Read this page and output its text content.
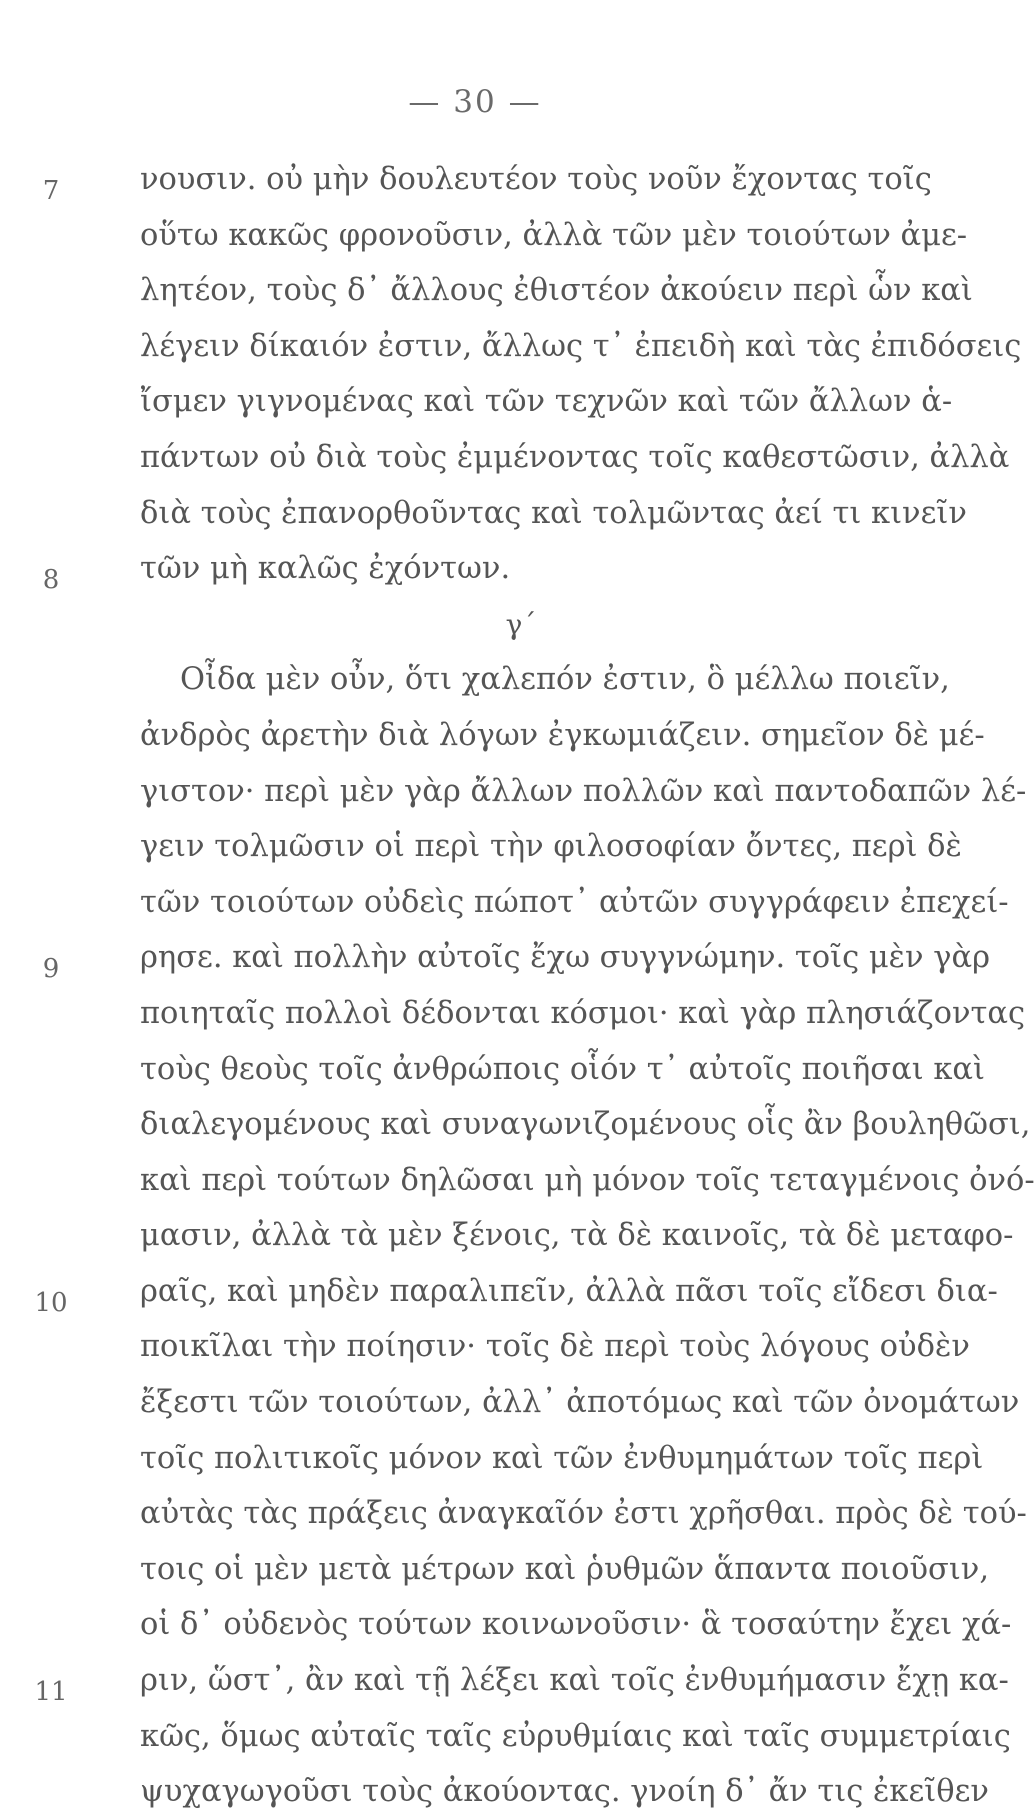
— 30 —
7
8
9
10
11
νουσιν. οὐ μὴν δουλευτέον τοὺς νοῦν ἔχοντας τοῖς
οὕτω κακῶς φρονοῦσιν, ἀλλὰ τῶν μὲν τοιούτων ἀμε-
λητέον, τοὺς δ᾽ ἄλλους ἐθιστέον ἀκούειν περὶ ὧν καὶ
λέγειν δίκαιόν ἐστιν, ἄλλως τ᾽ ἐπειδὴ καὶ τὰς ἐπιδόσεις
ἴσμεν γιγνομένας καὶ τῶν τεχνῶν καὶ τῶν ἄλλων ἁ-
πάντων οὐ διὰ τοὺς ἐμμένοντας τοῖς καθεστῶσιν, ἀλλὰ
διὰ τοὺς ἐπανορθοῦντας καὶ τολμῶντας ἀεί τι κινεῖν
τῶν μὴ καλῶς ἐχόντων.
γ΄
Οἶδα μὲν οὖν, ὅτι χαλεπόν ἐστιν, ὃ μέλλω ποιεῖν,
ἀνδρὸς ἀρετὴν διὰ λόγων ἐγκωμιάζειν. σημεῖον δὲ μέ-
γιστον· περὶ μὲν γὰρ ἄλλων πολλῶν καὶ παντοδαπῶν λέ-
γειν τολμῶσιν οἱ περὶ τὴν φιλοσοφίαν ὄντες, περὶ δὲ
τῶν τοιούτων οὐδεὶς πώποτ᾽ αὐτῶν συγγράφειν ἐπεχεί-
ρησε. καὶ πολλὴν αὐτοῖς ἔχω συγγνώμην. τοῖς μὲν γὰρ
ποιηταῖς πολλοὶ δέδονται κόσμοι· καὶ γὰρ πλησιάζοντας
τοὺς θεοὺς τοῖς ἀνθρώποις οἷόν τ᾽ αὐτοῖς ποιῆσαι καὶ
διαλεγομένους καὶ συναγωνιζομένους οἷς ἂν βουληθῶσι,
καὶ περὶ τούτων δηλῶσαι μὴ μόνον τοῖς τεταγμένοις ὀνό-
μασιν, ἀλλὰ τὰ μὲν ξένοις, τὰ δὲ καινοῖς, τὰ δὲ μεταφο-
ραῖς, καὶ μηδὲν παραλιπεῖν, ἀλλὰ πᾶσι τοῖς εἴδεσι δια-
ποικῖλαι τὴν ποίησιν· τοῖς δὲ περὶ τοὺς λόγους οὐδὲν
ἔξεστι τῶν τοιούτων, ἀλλ᾽ ἀποτόμως καὶ τῶν ὀνομάτων
τοῖς πολιτικοῖς μόνον καὶ τῶν ἐνθυμημάτων τοῖς περὶ
αὐτὰς τὰς πράξεις ἀναγκαῖόν ἐστι χρῆσθαι. πρὸς δὲ τού-
τοις οἱ μὲν μετὰ μέτρων καὶ ῥυθμῶν ἅπαντα ποιοῦσιν,
οἱ δ᾽ οὐδενὸς τούτων κοινωνοῦσιν· ἃ τοσαύτην ἔχει χά-
ριν, ὥστ᾽, ἂν καὶ τῇ λέξει καὶ τοῖς ἐνθυμήμασιν ἔχῃ κα-
κῶς, ὅμως αὐταῖς ταῖς εὐρυθμίαις καὶ ταῖς συμμετρίαις
ψυχαγωγοῦσι τοὺς ἀκούοντας. γνοίη δ᾽ ἄν τις ἐκεῖθεν
